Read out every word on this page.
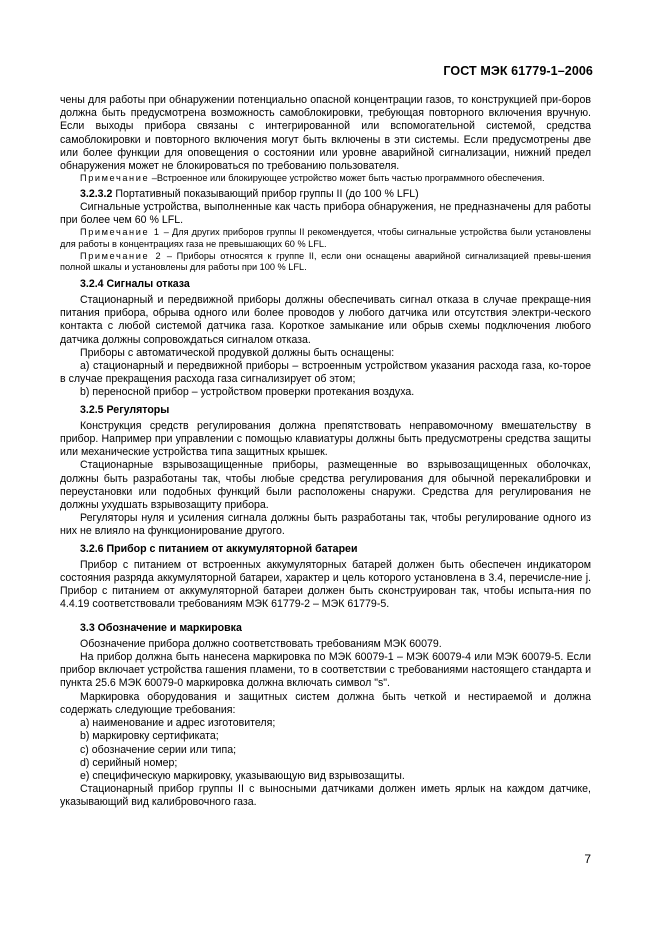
ГОСТ МЭК 61779-1–2006

чены для работы при обнаружении потенциально опасной концентрации газов, то конструкцией при-боров должна быть предусмотрена возможность самоблокировки, требующая повторного включения вручную. Если выходы прибора связаны с интегрированной или вспомогательной системой, средства самоблокировки и повторного включения могут быть включены в эти системы. Если предусмотрены две или более функции для оповещения о состоянии или уровне аварийной сигнализации, нижний предел обнаружения может не блокироваться по требованию пользователя.

Примечание –Встроенное или блокирующее устройство может быть частью программного обеспечения.

3.2.3.2 Портативный показывающий прибор группы II (до 100 % LFL)

Сигнальные устройства, выполненные как часть прибора обнаружения, не предназначены для работы при более чем 60 % LFL.

Примечание 1 – Для других приборов группы II рекомендуется, чтобы сигнальные устройства были установлены для работы в концентрациях газа не превышающих 60 % LFL.

Примечание 2 – Приборы относятся к группе II, если они оснащены аварийной сигнализацией превы-шения полной шкалы и установлены для работы при 100 % LFL.

3.2.4 Сигналы отказа

Стационарный и передвижной приборы должны обеспечивать сигнал отказа в случае прекраще-ния питания прибора, обрыва одного или более проводов у любого датчика или отсутствия электри-ческого контакта с любой системой датчика газа. Короткое замыкание или обрыв схемы подключения любого датчика должны сопровождаться сигналом отказа.

Приборы с автоматической продувкой должны быть оснащены:

а) стационарный и передвижной приборы – встроенным устройством указания расхода газа, ко-торое в случае прекращения расхода газа сигнализирует об этом;

b) переносной прибор – устройством проверки протекания воздуха.

3.2.5 Регуляторы

Конструкция средств регулирования должна препятствовать неправомочному вмешательству в прибор. Например при управлении с помощью клавиатуры должны быть предусмотрены средства защиты или механические устройства типа защитных крышек.

Стационарные взрывозащищенные приборы, размещенные во взрывозащищенных оболочках, должны быть разработаны так, чтобы любые средства регулирования для обычной перекалибровки и переустановки или подобных функций были расположены снаружи. Средства для регулирования не должны ухудшать взрывозащиту прибора.

Регуляторы нуля и усиления сигнала должны быть разработаны так, чтобы регулирование одного из них не влияло на функционирование другого.

3.2.6 Прибор с питанием от аккумуляторной батареи

Прибор с питанием от встроенных аккумуляторных батарей должен быть обеспечен индикатором состояния разряда аккумуляторной батареи, характер и цель которого установлена в 3.4, перечисле-ние j. Прибор с питанием от аккумуляторной батареи должен быть сконструирован так, чтобы испыта-ния по 4.4.19 соответствовали требованиям МЭК 61779-2 – МЭК 61779-5.

3.3 Обозначение и маркировка

Обозначение прибора должно соответствовать требованиям МЭК 60079.

На прибор должна быть нанесена маркировка по МЭК 60079-1 – МЭК 60079-4 или МЭК 60079-5. Если прибор включает устройства гашения пламени, то в соответствии с требованиями настоящего стандарта и пункта 25.6 МЭК 60079-0 маркировка должна включать символ "s".

Маркировка оборудования и защитных систем должна быть четкой и нестираемой и должна содержать следующие требования:

а) наименование и адрес изготовителя;

b) маркировку сертификата;

c) обозначение серии или типа;

d) серийный номер;

e) специфическую маркировку, указывающую вид взрывозащиты.

Стационарный прибор группы II с выносными датчиками должен иметь ярлык на каждом датчике, указывающий вид калибровочного газа.

7
